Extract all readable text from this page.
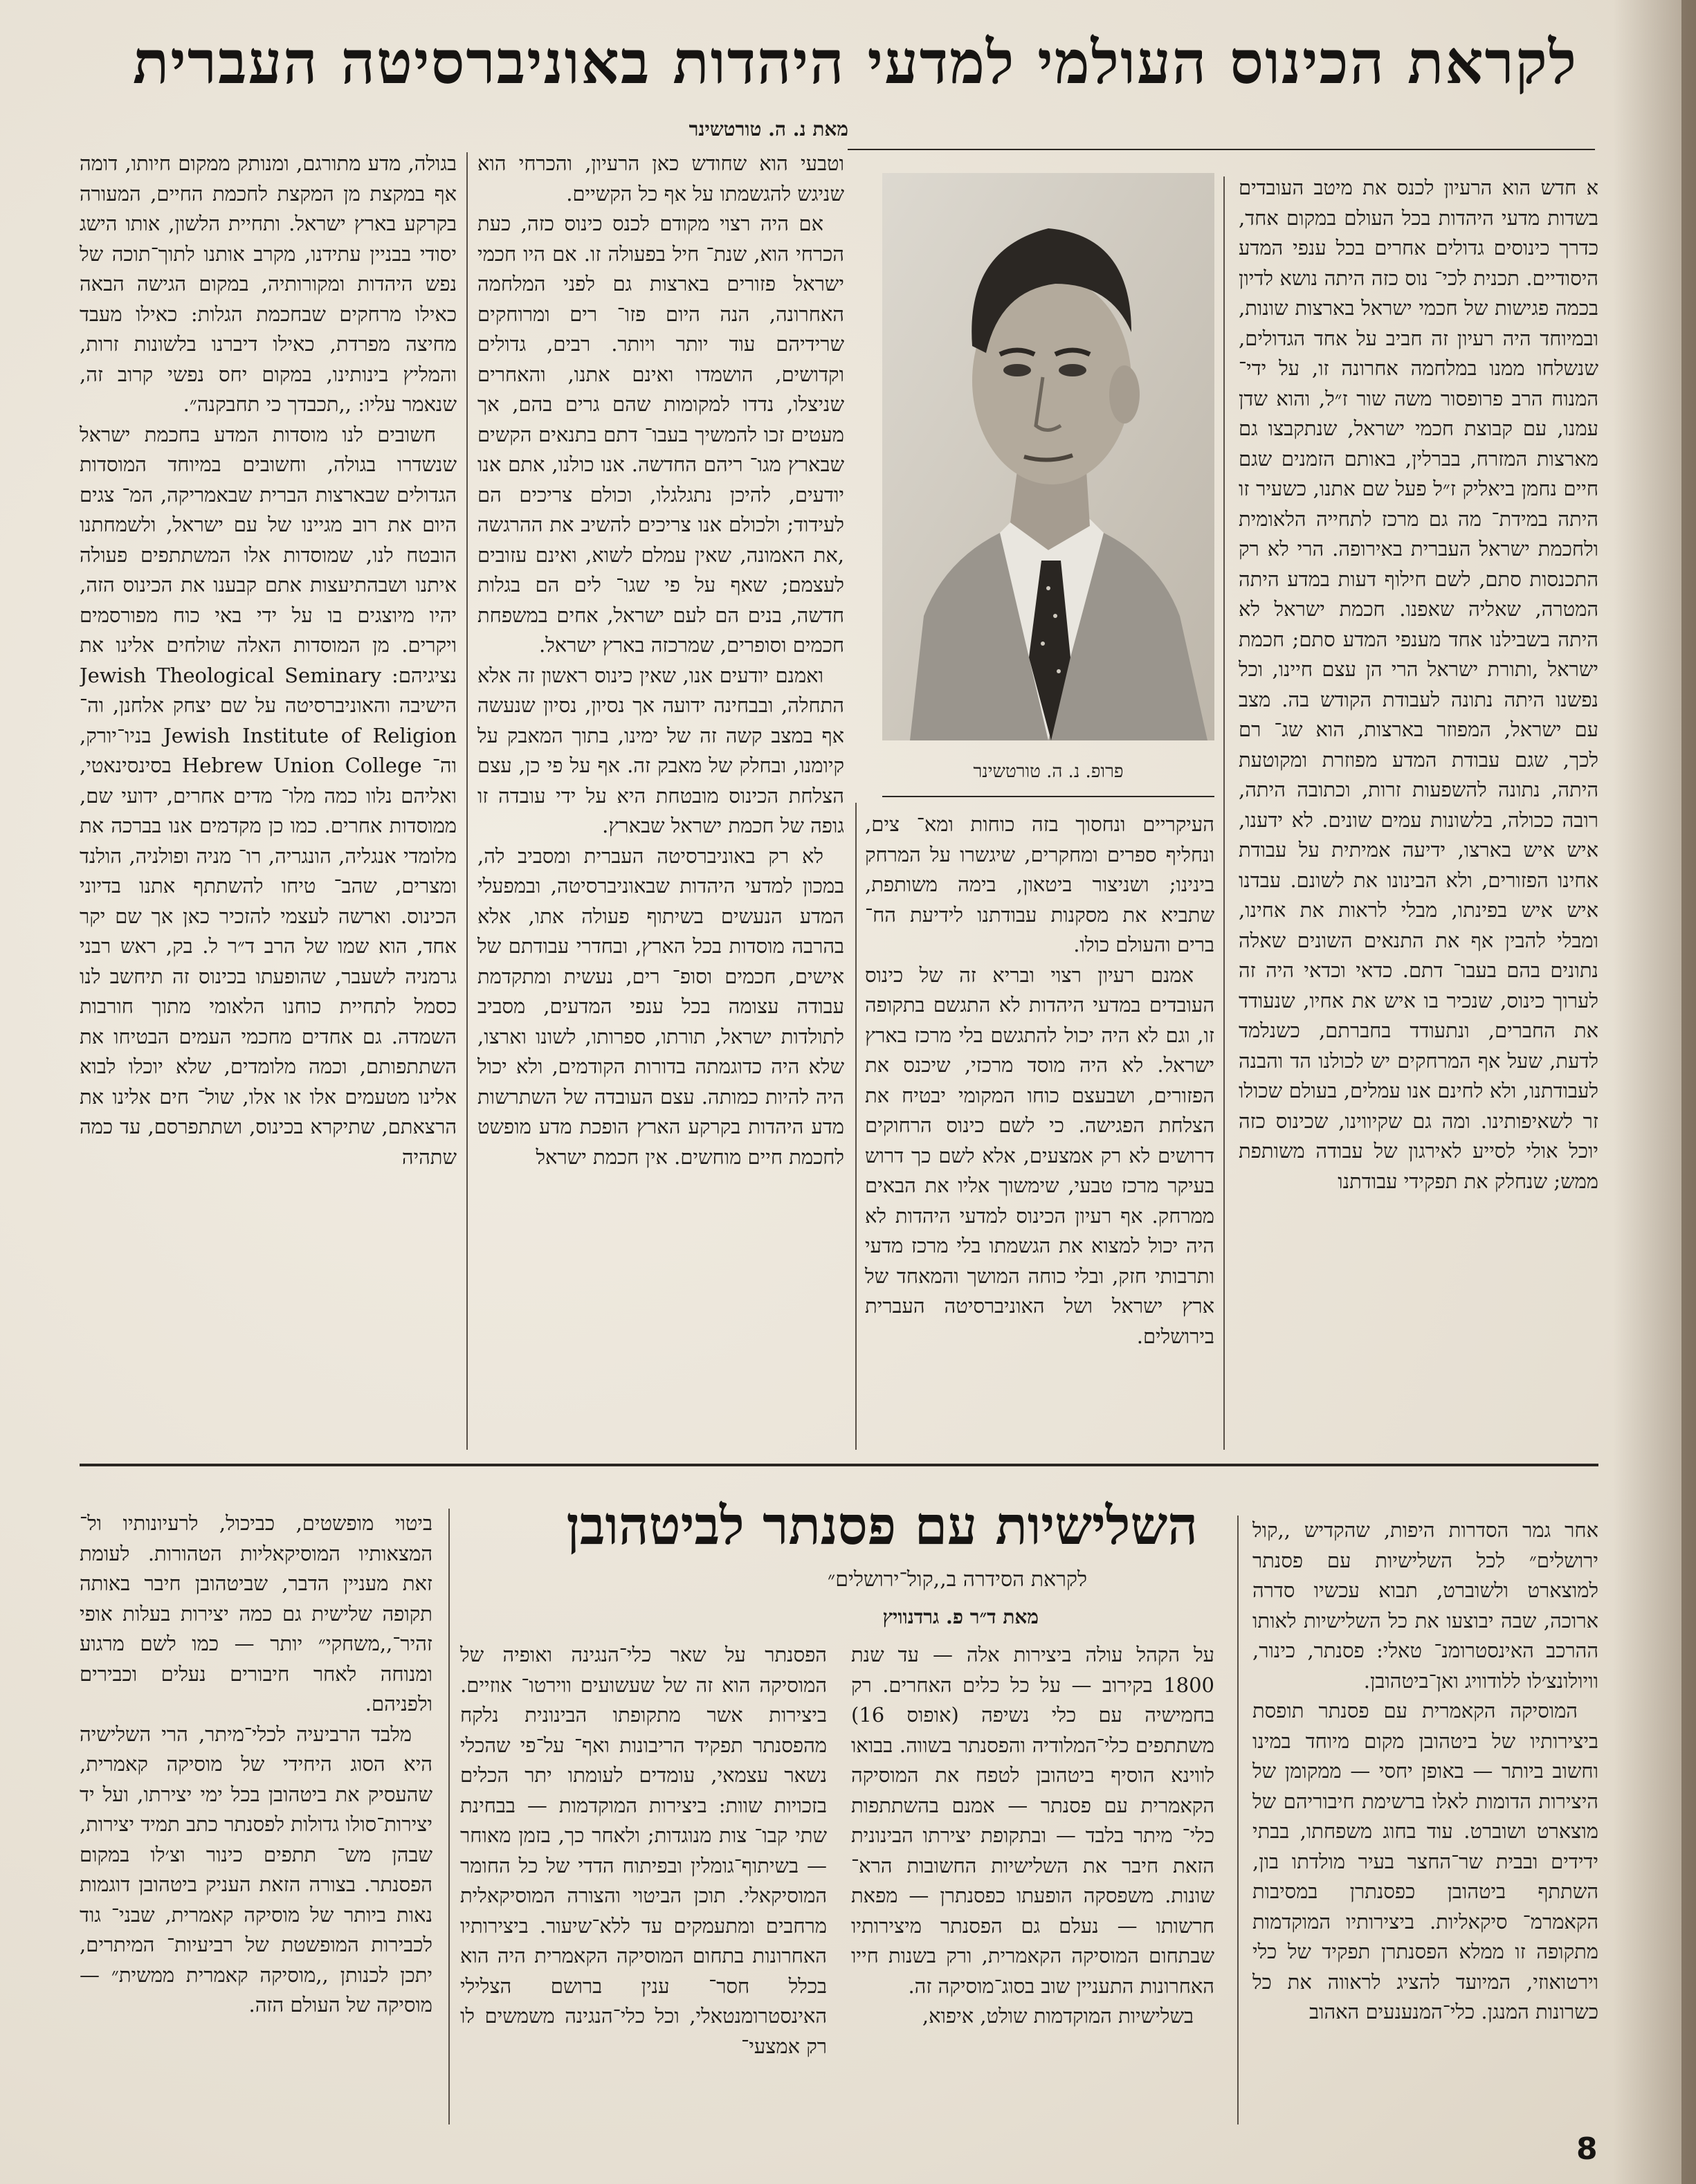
לקראת הכינוס העולמי למדעי היהדות באוניברסיטה העברית
מאת נ. ה. טורטשינר

א חדש הוא הרעיון לכנס את מיטב העובדים בשדות מדעי היהדות בכל העולם במקום אחד, כדרך כינוסים גדולים אחרים בכל ענפי המדע היסודיים. תכנית לכי־ נוס כזה היתה נושא לדיון בכמה פגישות של חכמי ישראל בארצות שונות, ובמיוחד היה רעיון זה חביב על אחד הגדולים, שנשלחו ממנו במלחמה אחרונה זו, על ידי־ המנוח הרב פרופסור משה שור ז״ל, והוא שדן עמנו, עם קבוצת חכמי ישראל, שנתקבצו גם מארצות המזרח, בברלין, באותם הזמנים שגם חיים נחמן ביאליק ז״ל פעל שם אתנו, כשעיר זו היתה במידת־ מה גם מרכז לתחייה הלאומית ולחכמת ישראל העברית באירופה. הרי לא רק התכנסות סתם, לשם חילוף דעות במדע היתה המטרה, שאליה שאפנו. חכמת ישראל לא היתה בשבילנו אחד מענפי המדע סתם; חכמת ישראל ,ותורת ישראל הרי הן עצם חיינו, וכל נפשנו היתה נתונה לעבודת הקודש בה. מצב עם ישראל, המפוזר בארצות, הוא שג־ רם לכך, שגם עבודת המדע מפוזרת ומקוטעת היתה, נתונה להשפעות זרות, וכתובה היתה, רובה ככולה, בלשונות עמים שונים. לא ידענו, איש איש בארצו, ידיעה אמיתית על עבודת אחינו הפזורים, ולא הבינונו את לשונם. עבדנו איש איש בפינתו, מבלי לראות את אחינו, ומבלי להבין אף את התנאים השונים שאלה נתונים בהם בעבו־ דתם. כדאי וכדאי היה זה לערוך כינוס, שנכיר בו איש את אחיו, שנעודד את החברים, ונתעודד בחברתם, כשנלמד לדעת, שעל אף המרחקים יש לכולנו הד והבנה לעבודתנו, ולא לחינם אנו עמלים, בעולם שכולו זר לשאיפותינו. ומה גם שקיווינו, שכינוס כזה יוכל אולי לסייע לאירגון של עבודה משותפת ממש; שנחלק את תפקידי עבודתנו

פרופ. נ. ה. טורטשינר

העיקריים ונחסוך בזה כוחות ומא־ צים, ונחליף ספרים ומחקרים, שיגשרו על המרחק בינינו; ושניצור ביטאון, בימה משותפת, שתביא את מסקנות עבודתנו לידיעת הח־ ברים והעולם כולו.

אמנם רעיון רצוי ובריא זה של כינוס העובדים במדעי היהדות לא התגשם בתקופה זו, וגם לא היה יכול להתגשם בלי מרכז בארץ ישראל. לא היה מוסד מרכזי, שיכנס את הפזורים, ושבעצם כוחו המקומי יבטיח את הצלחת הפגישה. כי לשם כינוס הרחוקים דרושים לא רק אמצעים, אלא לשם כך דרוש בעיקר מרכז טבעי, שימשוך אליו את הבאים ממרחק. אף רעיון הכינוס למדעי היהדות לא היה יכול למצוא את הגשמתו בלי מרכז מדעי ותרבותי חזק, ובלי כוחה המושך והמאחד של ארץ ישראל ושל האוניברסיטה העברית בירושלים.

וטבעי הוא שחודש כאן הרעיון, והכרחי הוא שניגש להגשמתו על אף כל הקשיים.

אם היה רצוי מקודם לכנס כינוס כזה, כעת הכרחי הוא, שנת־ חיל בפעולה זו. אם היו חכמי ישראל פזורים בארצות גם לפני המלחמה האחרונה, הנה היום פזו־ רים ומרוחקים שרידיהם עוד יותר ויותר. רבים, גדולים וקדושים, הושמדו ואינם אתנו, והאחרים שניצלו, נדדו למקומות שהם גרים בהם, אך מעטים זכו להמשיך בעבו־ דתם בתנאים הקשים שבארץ מגו־ ריהם החדשה. אנו כולנו, אתם אנו יודעים, להיכן נתגלגלו, וכולם צריכים הם לעידוד; ולכולם אנו צריכים להשיב את ההרגשה ,את האמונה, שאין עמלם לשוא, ואינם עזובים לעצמם; שאף על פי שגו־ לים הם בגלות חדשה, בנים הם לעם ישראל, אחים במשפחת חכמים וסופרים, שמרכזה בארץ ישראל.

ואמנם יודעים אנו, שאין כינוס ראשון זה אלא התחלה, ובבחינה ידועה אך נסיון, נסיון שנעשה אף במצב קשה זה של ימינו, בתוך המאבק על קיומנו, ובחלק של מאבק זה. אף על פי כן, עצם הצלחת הכינוס מובטחת היא על ידי עובדה זו גופה של חכמת ישראל שבארץ.

לא רק באוניברסיטה העברית ומסביב לה, במכון למדעי היהדות שבאוניברסיטה, ובמפעלי המדע הנעשים בשיתוף פעולה אתו, אלא בהרבה מוסדות בכל הארץ, ובחדרי עבודתם של אישים, חכמים וסופ־ רים, נעשית ומתקדמת עבודה עצומה בכל ענפי המדעים, מסביב לתולדות ישראל, תורתו, ספרותו, לשונו וארצו, שלא היה כדוגמתה בדורות הקודמים, ולא יכול היה להיות כמותה. עצם העובדה של השתרשות מדע היהדות בקרקע הארץ הופכת מדע מופשט לחכמת חיים מוחשים. אין חכמת ישראל

בגולה, מדע מתורגם, ומנותק ממקום חיותו, דומה אף במקצת מן המקצת לחכמת החיים, המעורה בקרקע בארץ ישראל. ותחיית הלשון, אותו הישג יסודי בבניין עתידנו, מקרב אותנו לתוך־תוכה של נפש היהדות ומקורותיה, במקום הגישה הבאה כאילו מרחקים שבחכמת הגלות: כאילו מעבד מחיצה מפרדת, כאילו דיברנו בלשונות זרות, והמליץ בינותינו, במקום יחס נפשי קרוב זה, שנאמר עליו: ,,תכבדך כי תחבקנה״.

חשובים לנו מוסדות המדע בחכמת ישראל שנשדרו בגולה, וחשובים במיוחד המוסדות הגדולים שבארצות הברית שבאמריקה, המ־ צגים היום את רוב מגיינו של עם ישראל, ולשמחתנו הובטח לנו, שמוסדות אלו המשתתפים פעולה איתנו ושבהתיעצות אתם קבענו את הכינוס הזה, יהיו מיוצגים בו על ידי באי כוח מפורסמים ויקרים. מן המוסדות האלה שולחים אלינו את נציגיהם: Jewish Theological Seminary הישיבה והאוניברסיטה על שם יצחק אלחנן, וה־ Jewish Institute of Religion בניו־יורק, וה־ Hebrew Union College בסינסינאטי, ואליהם נלוו כמה מלו־ מדים אחרים, ידועי שם, ממוסדות אחרים. כמו כן מקדמים אנו בברכה את מלומדי אנגליה, הונגריה, רו־ מניה ופולניה, הולנד ומצרים, שהב־ טיחו להשתתף אתנו בדיוני הכינוס. וארשה לעצמי להזכיר כאן אך שם יקר אחד, הוא שמו של הרב ד״ר ל. בק, ראש רבני גרמניה לשעבר, שהופעתו בכינוס זה תיחשב לנו כסמל לתחיית כוחנו הלאומי מתוך חורבות השמדה. גם אחדים מחכמי העמים הבטיחו את השתתפותם, וכמה מלומדים, שלא יוכלו לבוא אלינו מטעמים אלו או אלו, שול־ חים אלינו את הרצאתם, שתיקרא בכינוס, ושתתפרסם, עד כמה שתהיה

השלישיות עם פסנתר לביטהובן
לקראת הסידרה ב,,קול־ירושלים״
מאת ד״ר פ. גרדנוויץ

אחר גמר הסדרות היפות, שהקדיש ,,קול ירושלים״ לכל השלישיות עם פסנתר למוצארט ולשוברט, תבוא עכשיו סדרה ארוכה, שבה יבוצעו את כל השלישיות לאותו ההרכב האינסטרומנ־ טאלי: פסנתר, כינור, וויולונצ׳לו ללודוויג ואן־ביטהובן.

המוסיקה הקאמרית עם פסנתר תופסת ביצירותיו של ביטהובן מקום מיוחד במינו וחשוב ביותר — באופן יחסי — ממקומן של היצירות הדומות לאלו ברשימת חיבוריהם של מוצארט ושוברט. עוד בחוג משפחתו, בבתי ידידים ובבית שר־החצר בעיר מולדתו בון, השתתף ביטהובן כפסנתרן במסיבות הקאמרמ־ סיקאליות. ביצירותיו המוקדמות מתקופה זו ממלא הפסנתרן תפקיד של כלי וירטואוזי, המיועד להציג לראווה את כל כשרונות המנגן. כלי־המנענעים האהוב

על הקהל עולה ביצירות אלה — עד שנת 1800 בקירוב — על כל כלים האחרים. רק בחמישיה עם כלי נשיפה (אופוס 16) משתתפים כלי־המלודיה והפסנתר בשווה. בבואו לווינא הוסיף ביטהובן לטפח את המוסיקה הקאמרית עם פסנתר — אמנם בהשתתפות כלי־ מיתר בלבד — ובתקופת יצירתו הבינונית הזאת חיבר את השלישיות החשובות הרא־ שונות. משפסקה הופעתו כפסנתרן — מפאת חרשותו — נעלם גם הפסנתר מיצירותיו שבתחום המוסיקה הקאמרית, ורק בשנות חייו האחרונות התעניין שוב בסוג־מוסיקה זה.

בשלישיות המוקדמות שולט, איפוא,

הפסנתר על שאר כלי־הנגינה ואופיה של המוסיקה הוא זה של שעשועים ווירטו־ אוזיים. ביצירות אשר מתקופתו הבינונית נלקח מהפסנתר תפקיד הריבונות ואף־ על־פי שהכלי נשאר עצמאי, עומדים לעומתו יתר הכלים בזכויות שוות: ביצירות המוקדמות — בבחינת שתי קבו־ צות מנוגדות; ולאחר כך, בזמן מאוחר — בשיתוף־גומלין ובפיתוח הדדי של כל החומר המוסיקאלי. תוכן הביטוי והצורה המוסיקאלית מרחבים ומתעמקים עד ללא־שיעור. ביצירותיו האחרונות בתחום המוסיקה הקאמרית היה הוא בכלל חסר־ ענין ברושם הצלילי האינסטרומנטאלי, וכל כלי־הנגינה משמשים לו רק אמצעי־

ביטוי מופשטים, כביכול, לרעיונותיו ול־ המצאותיו המוסיקאליות הטהורות. לעומת זאת מעניין הדבר, שביטהובן חיבר באותה תקופה שלישית גם כמה יצירות בעלות אופי זהיר־,,משחקי״ יותר — כמו לשם מרגוע ומנוחה לאחר חיבורים נעלים וכבירים ולפניהם.

מלבד הרביעיה לכלי־מיתר, הרי השלישיה היא הסוג היחידי של מוסיקה קאמרית, שהעסיק את ביטהובן בכל ימי יצירתו, ועל יד יצירות־סולו גדולות לפסנתר כתב תמיד יצירות, שבהן מש־ תתפים כינור וצ׳לו במקום הפסנתר. בצורה הזאת העניק ביטהובן דוגמות נאות ביותר של מוסיקה קאמרית, שבני־ גוד לכבירות המופשטת של רביעיות־ המיתרים, יתכן לכנותן ,,מוסיקה קאמרית ממשית״ — מוסיקה של העולם הזה.

8
